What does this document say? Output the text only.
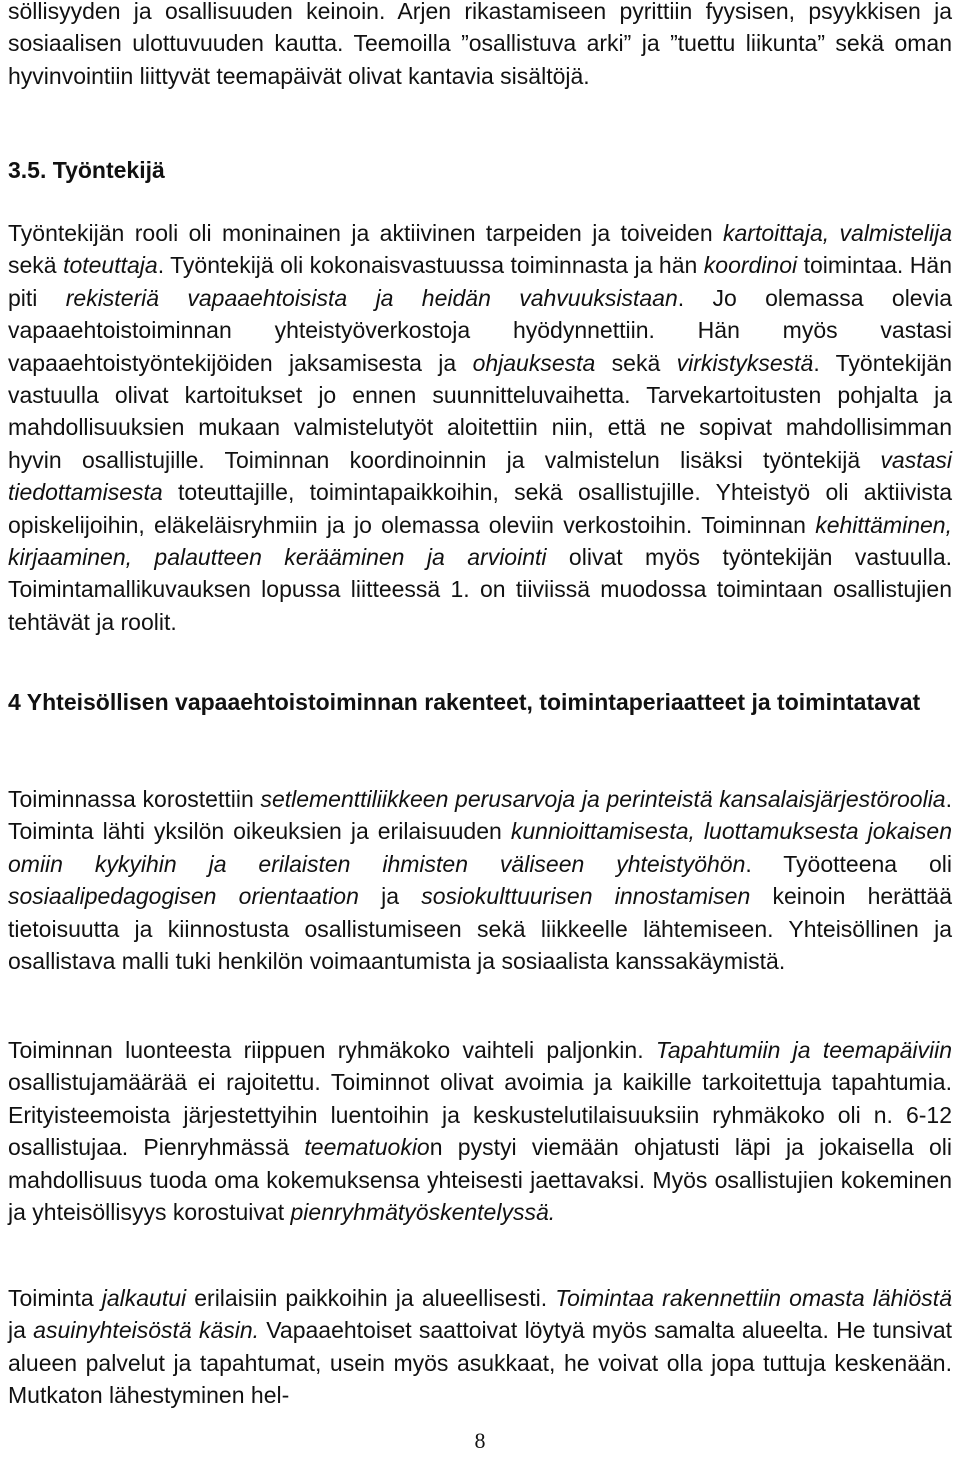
söllisyyden ja osallisuuden keinoin. Arjen rikastamiseen pyrittiin fyysisen, psyykkisen ja sosiaalisen ulottuvuuden kautta. Teemoilla ”osallistuva arki” ja ”tuettu liikunta” sekä oman hyvinvointiin liittyvät teemapäivät olivat kantavia sisältöjä.

3.5. Työntekijä

Työntekijän rooli oli moninainen ja aktiivinen tarpeiden ja toiveiden kartoittaja, valmistelija sekä toteuttaja. Työntekijä oli kokonaisvastuussa toiminnasta ja hän koordinoi toimintaa. Hän piti rekisteriä vapaaehtoisista ja heidän vahvuuksistaan. Jo olemassa olevia vapaaehtoistoiminnan yhteistyöverkostoja hyödynnettiin. Hän myös vastasi vapaaehtoistyöntekijöiden jaksamisesta ja ohjauksesta sekä virkistyksestä. Työntekijän vastuulla olivat kartoitukset jo ennen suunnitteluvaihetta. Tarvekartoitusten pohjalta ja mahdollisuuksien mukaan valmistelutyöt aloitettiin niin, että ne sopivat mahdollisimman hyvin osallistujille. Toiminnan koordinoinnin ja valmistelun lisäksi työntekijä vastasi tiedottamisesta toteuttajille, toimintapaikkoihin, sekä osallistujille. Yhteistyö oli aktiivista opiskelijoihin, eläkeläisryhmiin ja jo olemassa oleviin verkostoihin. Toiminnan kehittäminen, kirjaaminen, palautteen kerääminen ja arviointi olivat myös työntekijän vastuulla. Toimintamallikuvauksen lopussa liitteessä 1. on tiiviissä muodossa toimintaan osallistujien tehtävät ja roolit.

4 Yhteisöllisen vapaaehtoistoiminnan rakenteet, toimintaperiaatteet ja toimintatavat

Toiminnassa korostettiin setlementtiliikkeen perusarvoja ja perinteistä kansalaisjärjestöroolia. Toiminta lähti yksilön oikeuksien ja erilaisuuden kunnioittamisesta, luottamuksesta jokaisen omiin kykyihin ja erilaisten ihmisten väliseen yhteistyöhön. Työotteena oli sosiaalipedagogisen orientaation ja sosiokulttuurisen innostamisen keinoin herättää tietoisuutta ja kiinnostusta osallistumiseen sekä liikkeelle lähtemiseen. Yhteisöllinen ja osallistava malli tuki henkilön voimaantumista ja sosiaalista kanssakäymistä.

Toiminnan luonteesta riippuen ryhmäkoko vaihteli paljonkin. Tapahtumiin ja teemapäiviin osallistujamäärää ei rajoitettu. Toiminnot olivat avoimia ja kaikille tarkoitettuja tapahtumia. Erityisteemoista järjestettyihin luentoihin ja keskustelutilaisuuksiin ryhmäkoko oli n. 6-12 osallistujaa. Pienryhmässä teematuokion pystyi viemään ohjatusti läpi ja jokaisella oli mahdollisuus tuoda oma kokemuksensa yhteisesti jaettavaksi. Myös osallistujien kokeminen ja yhteisöllisyys korostuivat pienryhmätyöskentelyssä.

Toiminta jalkautui erilaisiin paikkoihin ja alueellisesti. Toimintaa rakennettiin omasta lähiöstä ja asuinyhteisöstä käsin. Vapaaehtoiset saattoivat löytyä myös samalta alueelta. He tunsivat alueen palvelut ja tapahtumat, usein myös asukkaat, he voivat olla jopa tuttuja keskenään. Mutkaton lähestyminen hel-

8
